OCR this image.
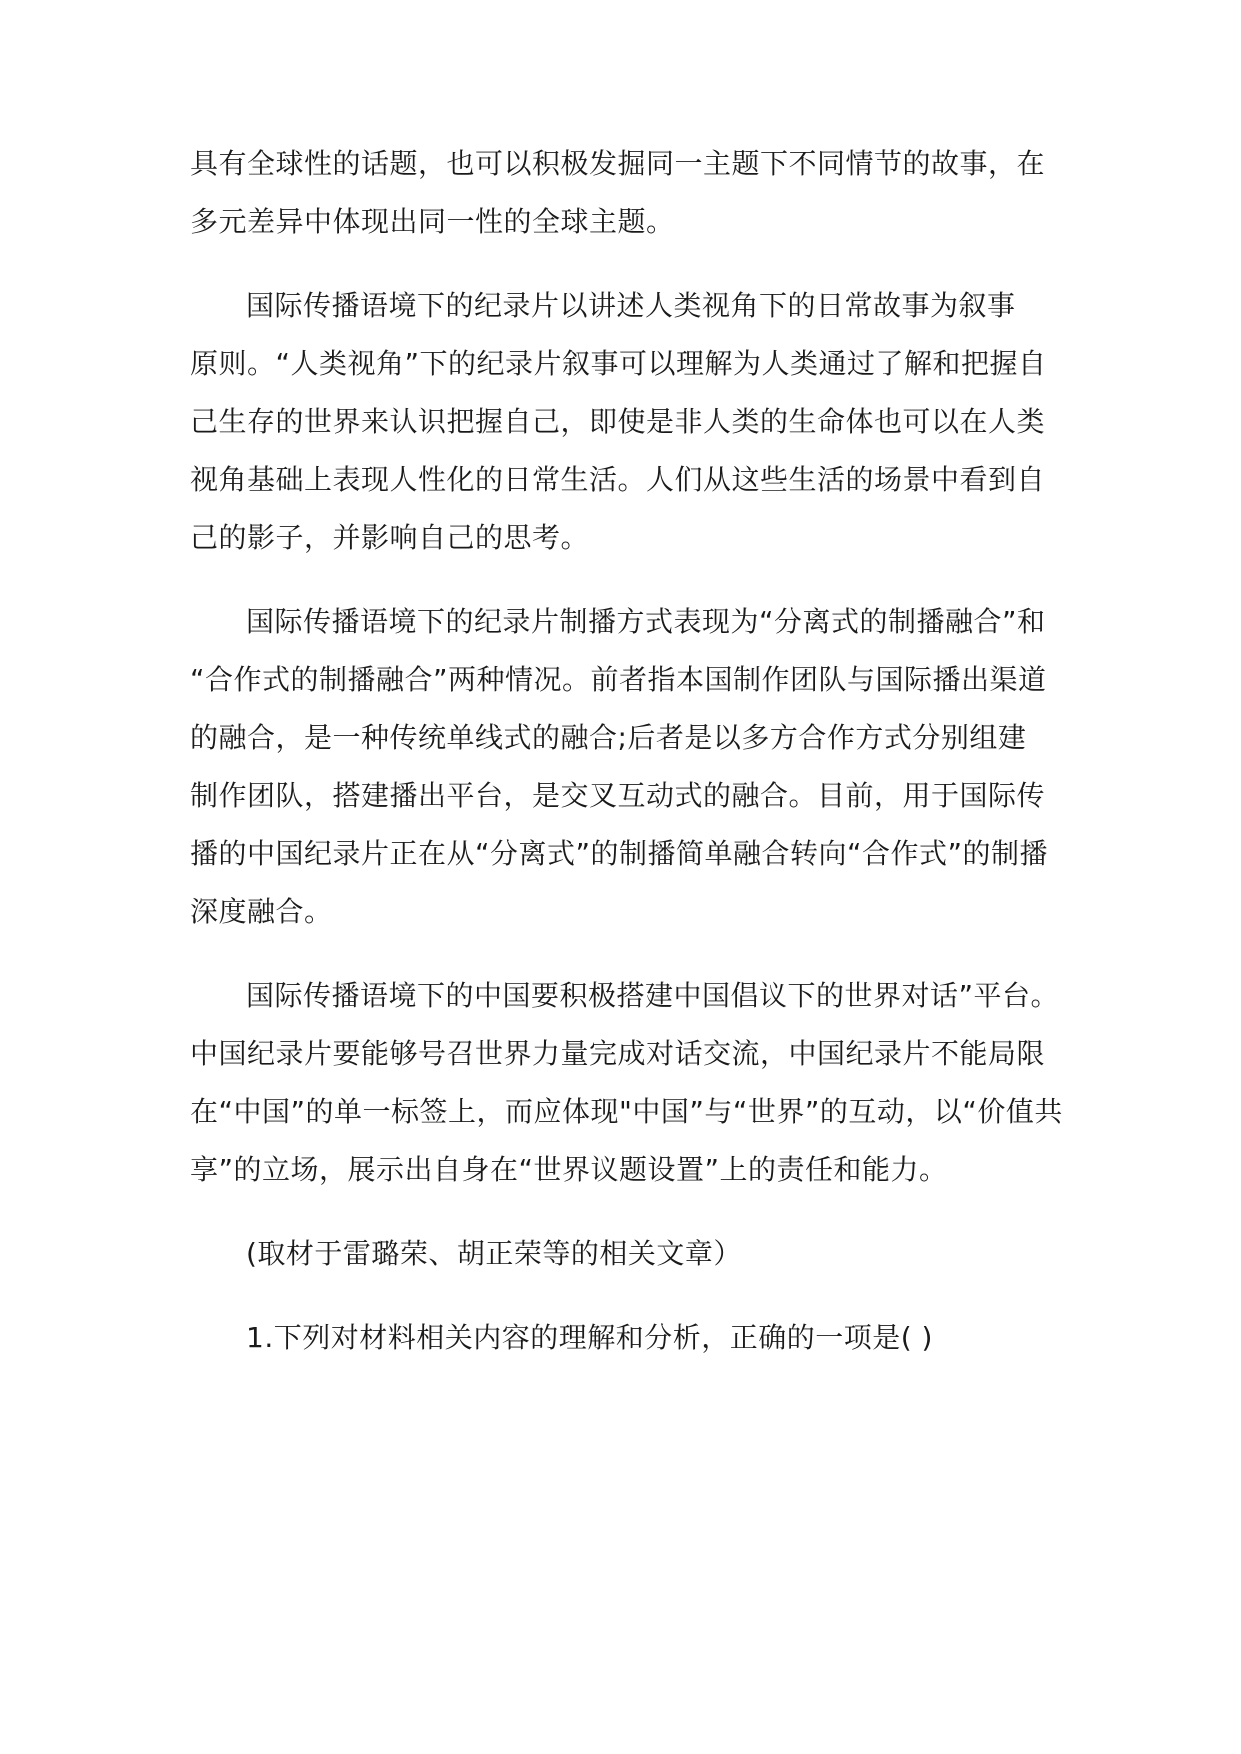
具有全球性的话题，也可以积极发掘同一主题下不同情节的故事，在
多元差异中体现出同一性的全球主题。
国际传播语境下的纪录片以讲述人类视角下的日常故事为叙事
原则。“人类视角”下的纪录片叙事可以理解为人类通过了解和把握自
己生存的世界来认识把握自己，即使是非人类的生命体也可以在人类
视角基础上表现人性化的日常生活。人们从这些生活的场景中看到自
己的影子，并影响自己的思考。
国际传播语境下的纪录片制播方式表现为“分离式的制播融合”和
“合作式的制播融合”两种情况。前者指本国制作团队与国际播出渠道
的融合，是一种传统单线式的融合;后者是以多方合作方式分别组建
制作团队，搭建播出平台，是交叉互动式的融合。目前，用于国际传
播的中国纪录片正在从“分离式”的制播简单融合转向“合作式”的制播
深度融合。
国际传播语境下的中国要积极搭建中国倡议下的世界对话”平台。
中国纪录片要能够号召世界力量完成对话交流，中国纪录片不能局限
在“中国”的单一标签上，而应体现"中国”与“世界”的互动，以“价值共
享”的立场，展示出自身在“世界议题设置”上的责任和能力。
(取材于雷璐荣、胡正荣等的相关文章）
1.下列对材料相关内容的理解和分析，正确的一项是( )
